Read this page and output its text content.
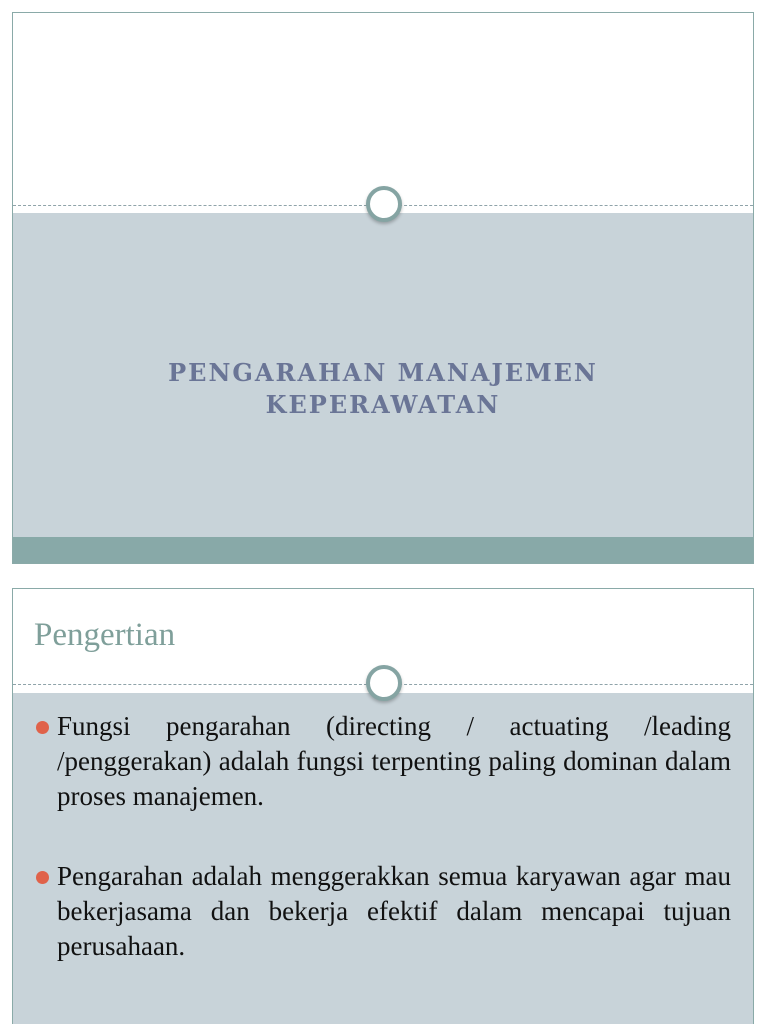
PENGARAHAN MANAJEMEN
KEPERAWATAN
Pengertian
Fungsi pengarahan (directing / actuating /leading /penggerakan) adalah fungsi terpenting paling dominan dalam proses manajemen.
Pengarahan adalah menggerakkan semua karyawan agar mau bekerjasama dan bekerja efektif dalam mencapai tujuan perusahaan.
